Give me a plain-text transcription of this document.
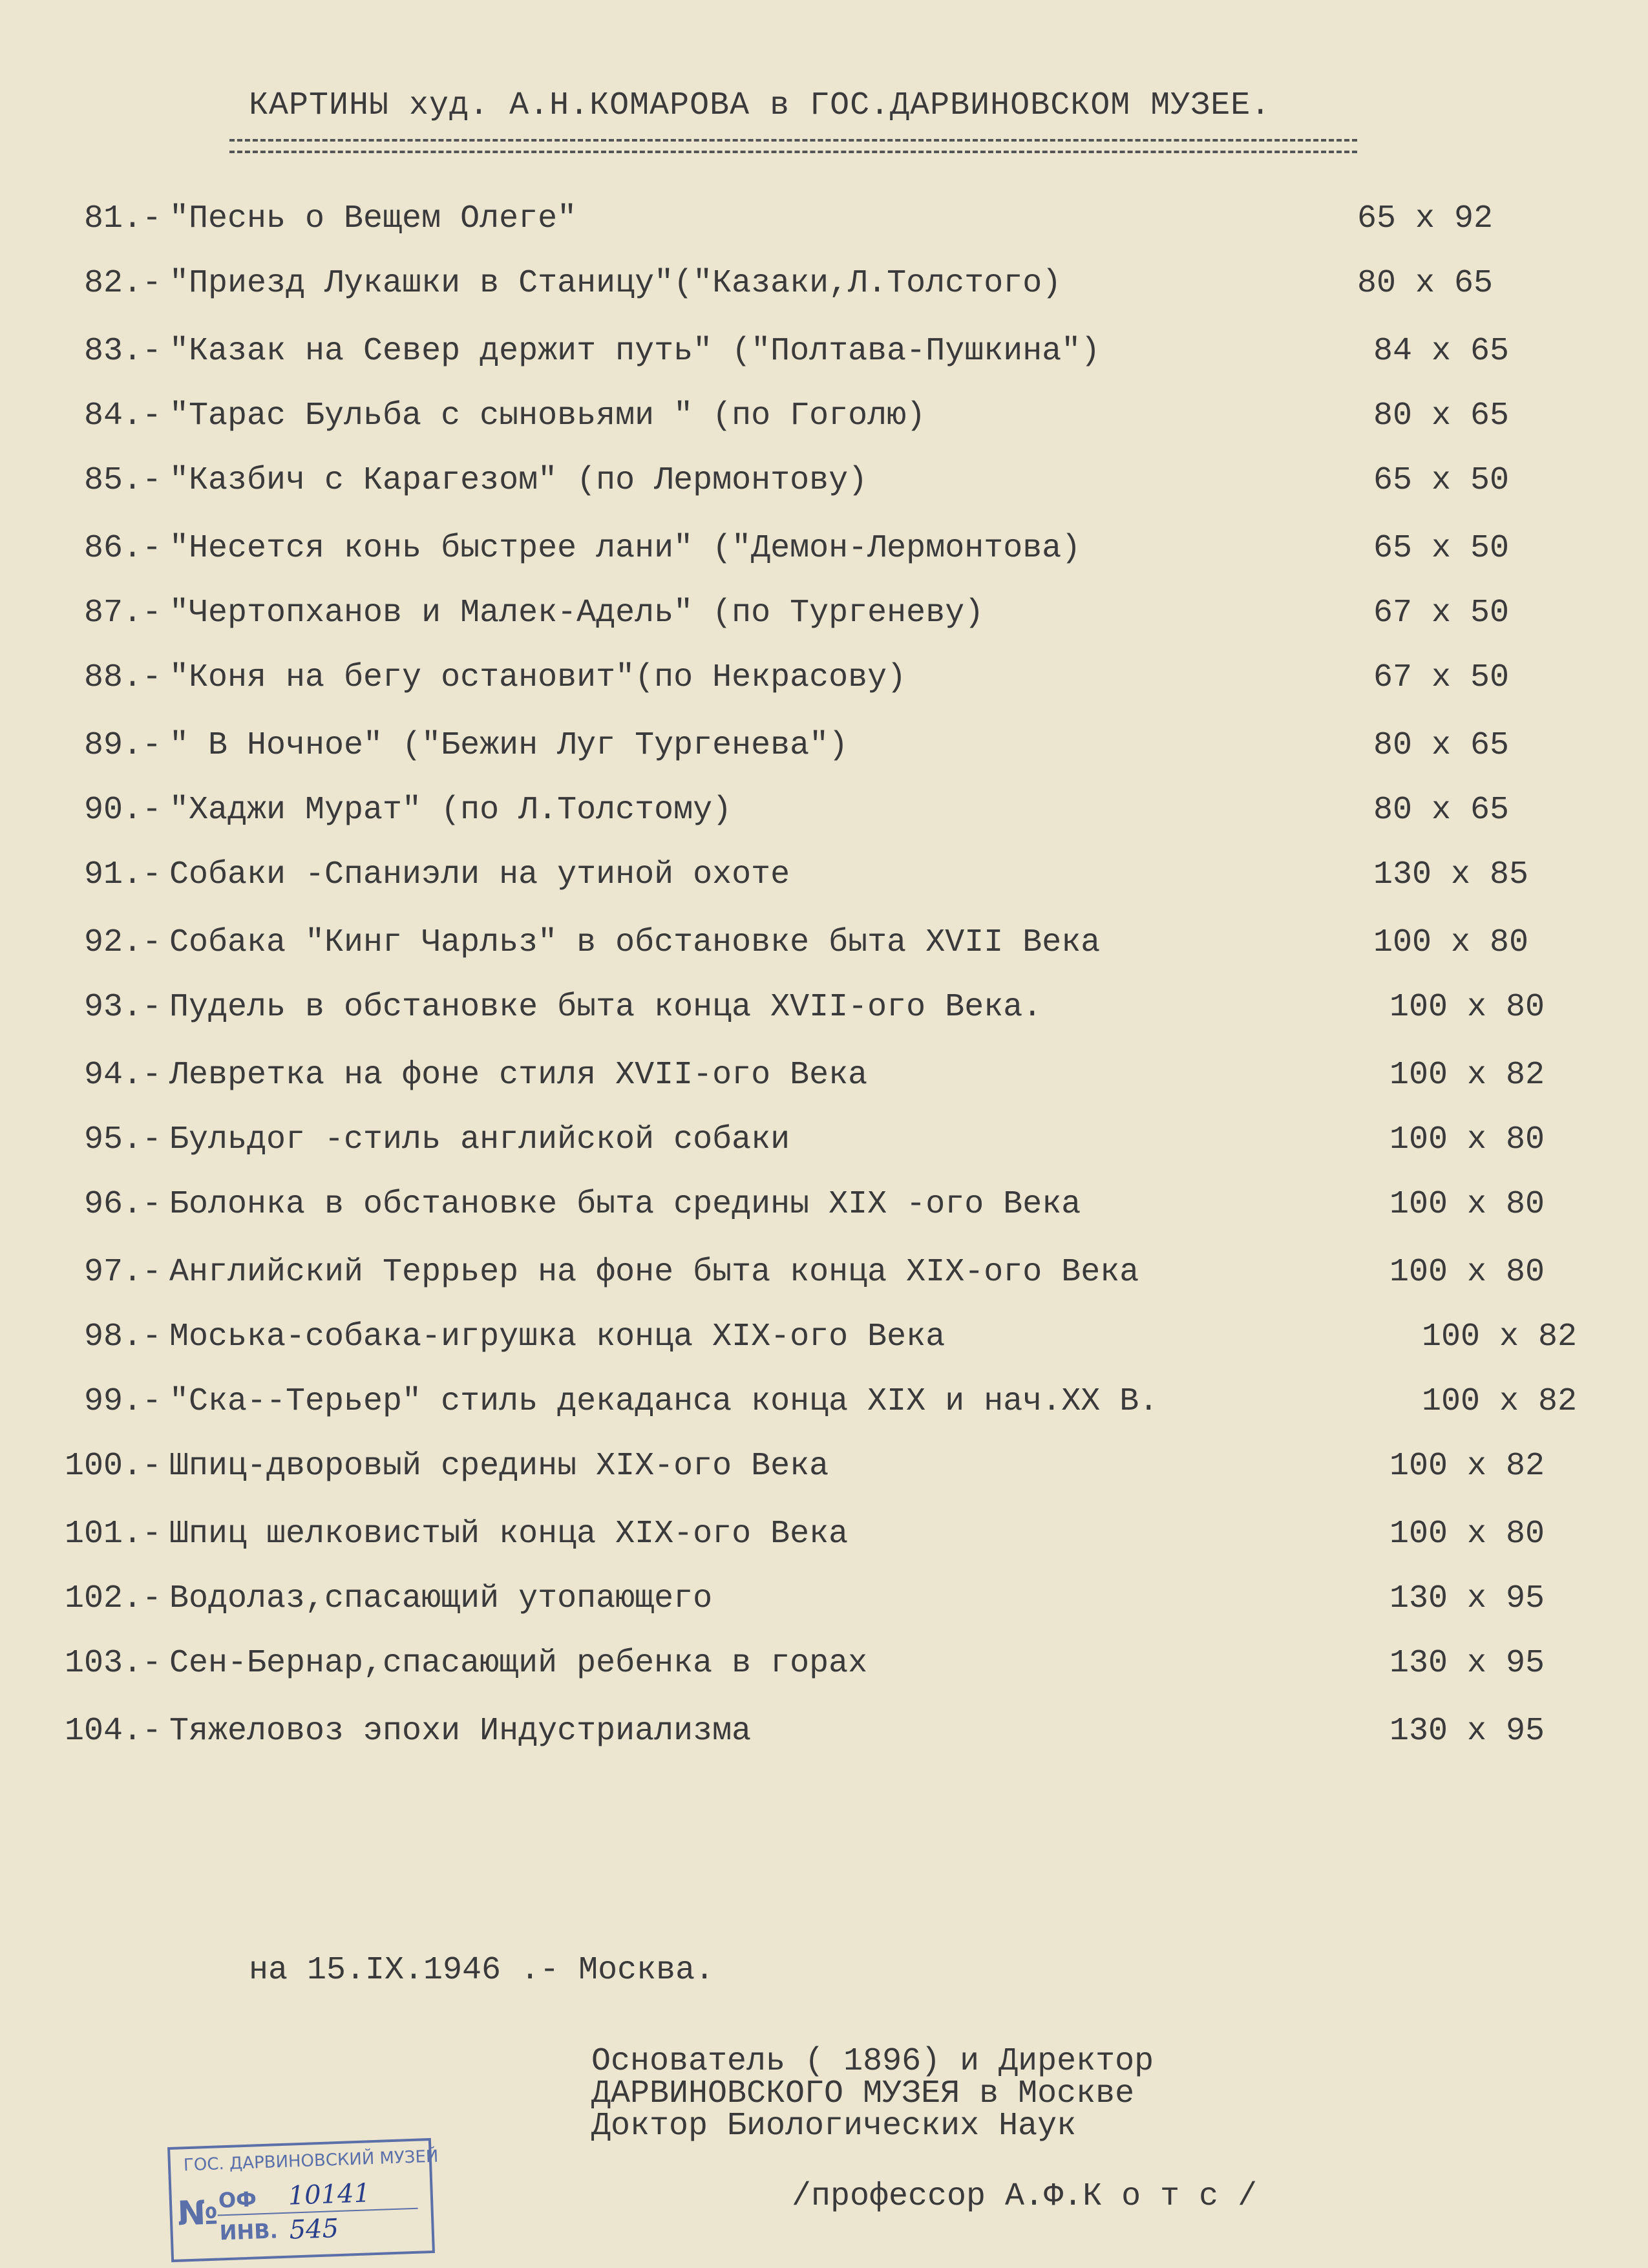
КАРТИНЫ худ. А.Н.КОМАРОВА в ГОС.ДАРВИНОВСКОМ МУЗЕЕ.
81.- "Песнь о Вещем Олеге"	65 x 92
82.- "Приезд Лукашки в Станицу"("Казаки,Л.Толстого)	80 x 65
83.- "Казак на Север держит путь" ("Полтава-Пушкина")	84 x 65
84.- "Тарас Бульба с сыновьями " (по Гоголю)	80 x 65
85.- "Казбич с Карагезом" (по Лермонтову)	65 x 50
86.- "Несется конь быстрее лани" ("Демон-Лермонтова)	65 x 50
87.- "Чертопханов и Малек-Адель" (по Тургеневу)	67 x 50
88.- "Коня на бегу остановит"(по Некрасову)	67 x 50
89.- " В Ночное" ("Бежин Луг Тургенева")	80 x 65
90.- "Хаджи Мурат" (по Л.Толстому)	80 x 65
91.- Собаки -Спаниэли на утиной охоте	130 x 85
92.- Собака "Кинг Чарльз" в обстановке быта XVII Века	100 x 80
93.- Пудель в обстановке быта конца XVII-ого Века.	100 x 80
94.- Левретка на фоне стиля XVII-ого Века	100 x 82
95.- Бульдог -стиль английской собаки	100 x 80
96.- Болонка в обстановке быта средины XIX -ого Века	100 x 80
97.- Английский Террьер на фоне быта конца XIX-ого Века	100 x 80
98.- Моська-собака-игрушка конца XIX-ого Века	100 x 82
99.- "Ска--Терьер" стиль декаданса конца XIX и нач.XX В.	100 x 82
100.- Шпиц-дворовый средины XIX-ого Века	100 x 82
101.- Шпиц шелковистый конца XIX-ого Века	100 x 80
102.- Водолаз,спасающий утопающего	130 x 95
103.- Сен-Бернар,спасающий ребенка в горах	130 x 95
104.- Тяжеловоз эпохи Индустриализма	130 x 95
на 15.IX.1946 .- Москва.
Основатель ( 1896) и Директор
ДАРВИНОВСКОГО МУЗЕЯ в Москве
Доктор Биологических Наук
/профессор А.Ф.К о т с /
ГОС. ДАРВИНОВСКИЙ МУЗЕЙ
№ ОФ 10141
ИНВ. 545
